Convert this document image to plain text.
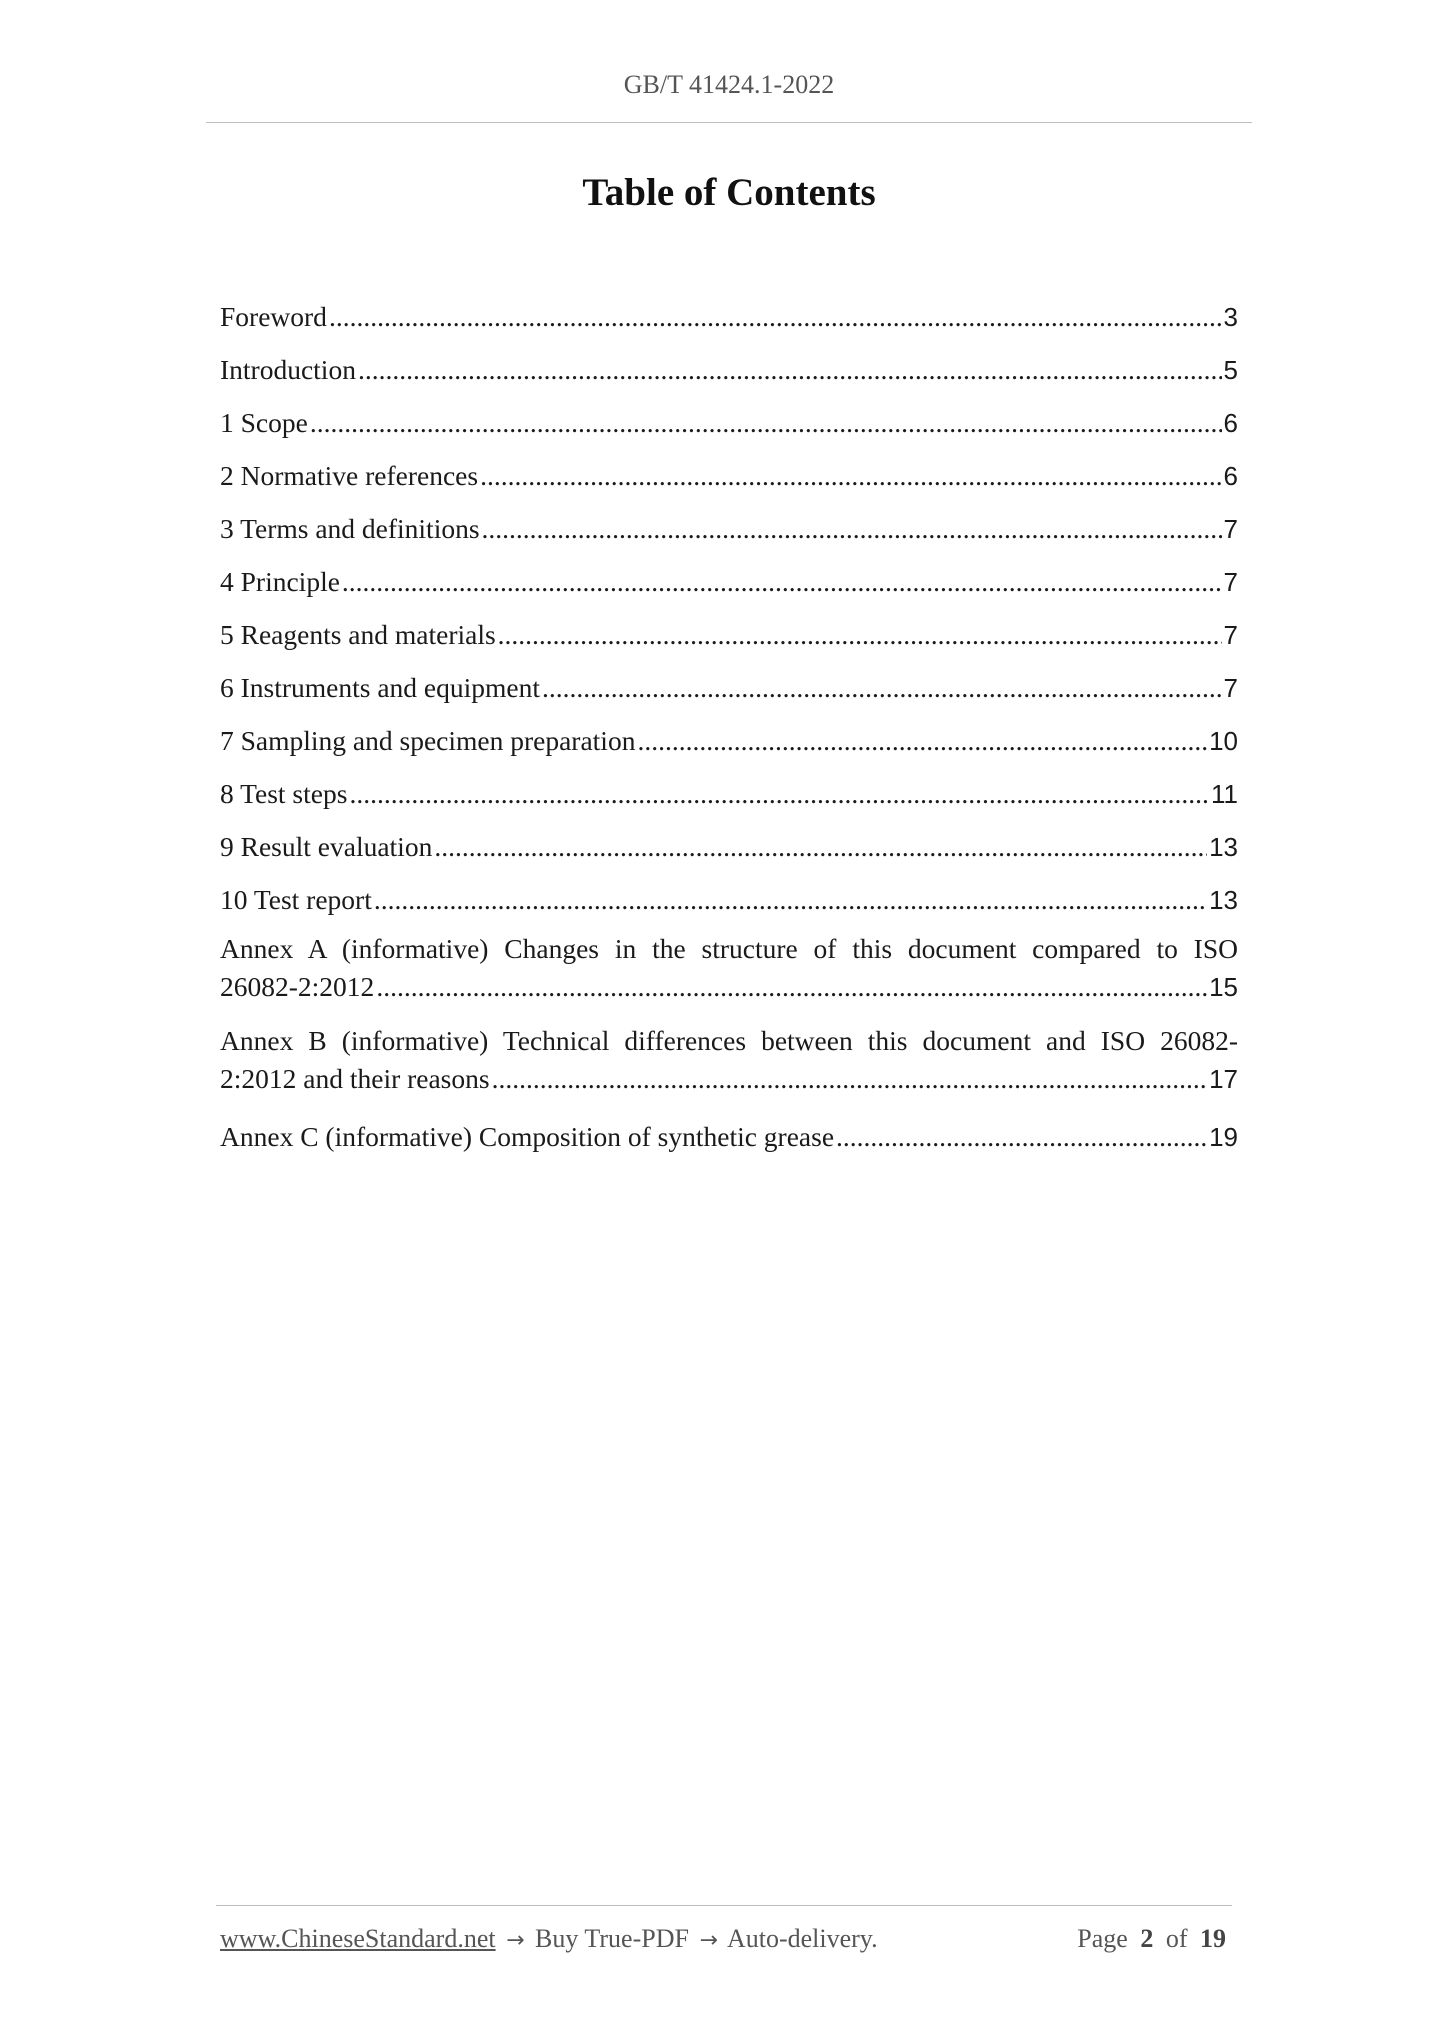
GB/T 41424.1-2022
Table of Contents
Foreword .....	3
Introduction .....	5
1 Scope .....	6
2 Normative references .....	6
3 Terms and definitions .....	7
4 Principle .....	7
5 Reagents and materials .....	7
6 Instruments and equipment .....	7
7 Sampling and specimen preparation .....	10
8 Test steps .....	11
9 Result evaluation .....	13
10 Test report .....	13
Annex A (informative) Changes in the structure of this document compared to ISO
26082-2:2012 .....	15
Annex B (informative) Technical differences between this document and ISO 26082-
2:2012 and their reasons .....	17
Annex C (informative) Composition of synthetic grease .....	19
www.ChineseStandard.net → Buy True-PDF → Auto-delivery.	Page 2 of 19
